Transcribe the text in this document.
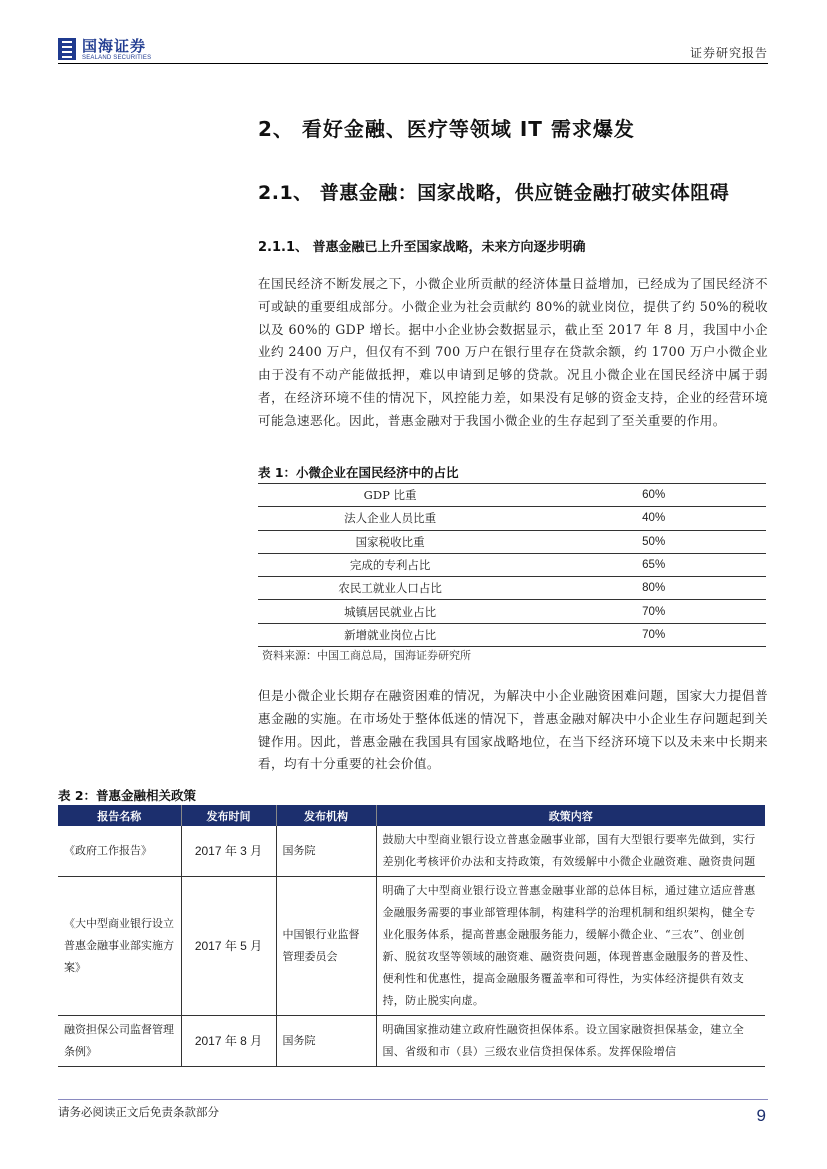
国海证券
SEALAND SECURITIES	证券研究报告
2、 看好金融、医疗等领域 IT 需求爆发
2.1、 普惠金融：国家战略，供应链金融打破实体阻碍
2.1.1、 普惠金融已上升至国家战略，未来方向逐步明确

在国民经济不断发展之下，小微企业所贡献的经济体量日益增加，已经成为了国民经济不可或缺的重要组成部分。小微企业为社会贡献约 80%的就业岗位，提供了约 50%的税收以及 60%的 GDP 增长。据中小企业协会数据显示，截止至 2017 年 8 月，我国中小企业约 2400 万户，但仅有不到 700 万户在银行里存在贷款余额，约 1700 万户小微企业由于没有不动产能做抵押，难以申请到足够的贷款。况且小微企业在国民经济中属于弱者，在经济环境不佳的情况下，风控能力差，如果没有足够的资金支持，企业的经营环境可能急速恶化。因此，普惠金融对于我国小微企业的生存起到了至关重要的作用。

表 1：小微企业在国民经济中的占比
GDP 比重	60%
法人企业人员比重	40%
国家税收比重	50%
完成的专利占比	65%
农民工就业人口占比	80%
城镇居民就业占比	70%
新增就业岗位占比	70%
资料来源：中国工商总局，国海证券研究所

但是小微企业长期存在融资困难的情况，为解决中小企业融资困难问题，国家大力提倡普惠金融的实施。在市场处于整体低迷的情况下，普惠金融对解决中小企业生存问题起到关键作用。因此，普惠金融在我国具有国家战略地位，在当下经济环境下以及未来中长期来看，均有十分重要的社会价值。

表 2：普惠金融相关政策
报告名称	发布时间	发布机构	政策内容
《政府工作报告》	2017 年 3 月	国务院	鼓励大中型商业银行设立普惠金融事业部，国有大型银行要率先做到，实行差别化考核评价办法和支持政策，有效缓解中小微企业融资难、融资贵问题
《大中型商业银行设立普惠金融事业部实施方案》	2017 年 5 月	中国银行业监督管理委员会	明确了大中型商业银行设立普惠金融事业部的总体目标，通过建立适应普惠金融服务需要的事业部管理体制，构建科学的治理机制和组织架构，健全专业化服务体系，提高普惠金融服务能力，缓解小微企业、“三农”、创业创新、脱贫攻坚等领域的融资难、融资贵问题，体现普惠金融服务的普及性、便利性和优惠性，提高金融服务覆盖率和可得性，为实体经济提供有效支持，防止脱实向虚。
融资担保公司监督管理条例》	2017 年 8 月	国务院	明确国家推动建立政府性融资担保体系。设立国家融资担保基金，建立全国、省级和市（县）三级农业信贷担保体系。发挥保险增信
请务必阅读正文后免责条款部分	9
